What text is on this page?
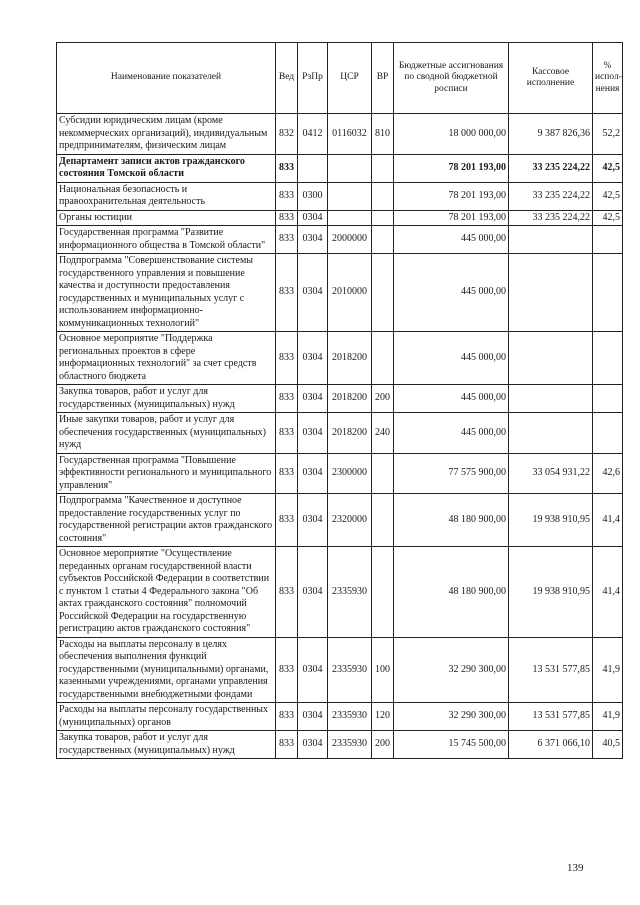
Наименование показателей	Вед	РзПр	ЦСР	ВР	Бюджетные ассигнования по сводной бюджетной росписи	Кассовое исполнение	% испол-нения
Субсидии юридическим лицам (кроме некоммерческих организаций), индивидуальным предпринимателям, физическим лицам	832	0412	0116032	810	18 000 000,00	9 387 826,36	52,2
Департамент записи актов гражданского состояния Томской области	833				78 201 193,00	33 235 224,22	42,5
Национальная безопасность и правоохранительная деятельность	833	0300			78 201 193,00	33 235 224,22	42,5
Органы юстиции	833	0304			78 201 193,00	33 235 224,22	42,5
Государственная программа "Развитие информационного общества в Томской области"	833	0304	2000000		445 000,00		
Подпрограмма "Совершенствование системы государственного управления и повышение качества и доступности предоставления государственных и муниципальных услуг с использованием информационно-коммуникационных технологий"	833	0304	2010000		445 000,00		
Основное мероприятие "Поддержка региональных проектов в сфере информационных технологий" за счет средств областного бюджета	833	0304	2018200		445 000,00		
Закупка товаров, работ и услуг для государственных (муниципальных) нужд	833	0304	2018200	200	445 000,00		
Иные закупки товаров, работ и услуг для обеспечения государственных (муниципальных) нужд	833	0304	2018200	240	445 000,00		
Государственная программа "Повышение эффективности регионального и муниципального управления"	833	0304	2300000		77 575 900,00	33 054 931,22	42,6
Подпрограмма "Качественное и доступное предоставление государственных услуг по государственной регистрации актов гражданского состояния"	833	0304	2320000		48 180 900,00	19 938 910,95	41,4
Основное мероприятие "Осуществление переданных органам государственной власти субъектов Российской Федерации в соответствии с пунктом 1 статьи 4 Федерального закона "Об актах гражданского состояния" полномочий Российской Федерации на государственную регистрацию актов гражданского состояния"	833	0304	2335930		48 180 900,00	19 938 910,95	41,4
Расходы на выплаты персоналу в целях обеспечения выполнения функций государственными (муниципальными) органами, казенными учреждениями, органами управления государственными внебюджетными фондами	833	0304	2335930	100	32 290 300,00	13 531 577,85	41,9
Расходы на выплаты персоналу государственных (муниципальных) органов	833	0304	2335930	120	32 290 300,00	13 531 577,85	41,9
Закупка товаров, работ и услуг для государственных (муниципальных) нужд	833	0304	2335930	200	15 745 500,00	6 371 066,10	40,5
139
